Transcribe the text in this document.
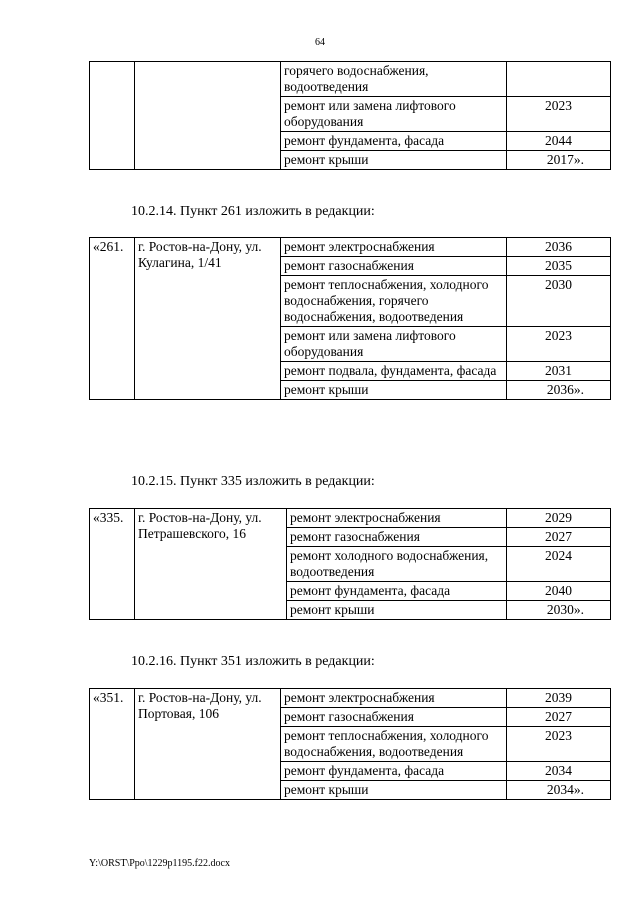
64
		горячего водоснабжения, водоотведения	
		ремонт или замена лифтового оборудования	2023
		ремонт фундамента, фасада	2044
		ремонт крыши	2017».
10.2.14. Пункт 261 изложить в редакции:
«261.	г. Ростов-на-Дону, ул. Кулагина, 1/41	ремонт электроснабжения	2036
		ремонт газоснабжения	2035
		ремонт теплоснабжения, холодного водоснабжения, горячего водоснабжения, водоотведения	2030
		ремонт или замена лифтового оборудования	2023
		ремонт подвала, фундамента, фасада	2031
		ремонт крыши	2036».
10.2.15. Пункт 335 изложить в редакции:
«335.	г. Ростов-на-Дону, ул. Петрашевского, 16	ремонт электроснабжения	2029
		ремонт газоснабжения	2027
		ремонт холодного водоснабжения, водоотведения	2024
		ремонт фундамента, фасада	2040
		ремонт крыши	2030».
10.2.16. Пункт 351 изложить в редакции:
«351.	г. Ростов-на-Дону, ул. Портовая, 106	ремонт электроснабжения	2039
		ремонт газоснабжения	2027
		ремонт теплоснабжения, холодного водоснабжения, водоотведения	2023
		ремонт фундамента, фасада	2034
		ремонт крыши	2034».
Y:\ORST\Ppo\1229p1195.f22.docx
